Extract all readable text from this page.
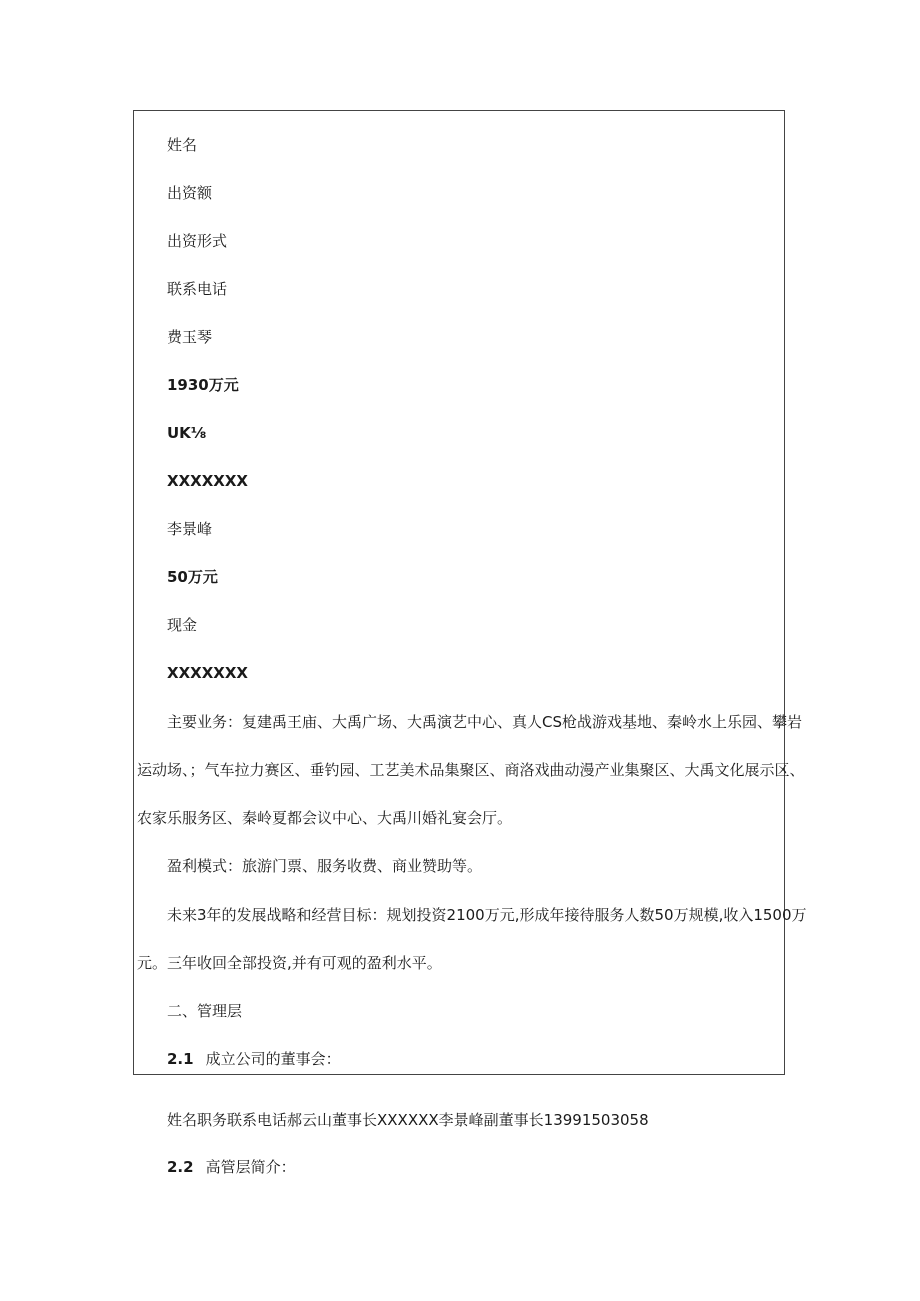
姓名

出资额

出资形式

联系电话

费玉琴

1930万元

UK⅛

XXXXXXX

李景峰

50万元

现金

XXXXXXX

主要业务：复建禹王庙、大禹广场、大禹演艺中心、真人CS枪战游戏基地、秦岭水上乐园、攀岩

运动场、；气车拉力赛区、垂钓园、工艺美术品集聚区、商洛戏曲动漫产业集聚区、大禹文化展示区、

农家乐服务区、秦岭夏都会议中心、大禹川婚礼宴会厅。

盈利模式：旅游门票、服务收费、商业赞助等。

未来3年的发展战略和经营目标：规划投资2100万元,形成年接待服务人数50万规模,收入1500万

元。三年收回全部投资,并有可观的盈利水平。

二、管理层

2.1 成立公司的董事会：

姓名职务联系电话郝云山董事长XXXXXX李景峰副董事长13991503058

2.2 高管层简介：
